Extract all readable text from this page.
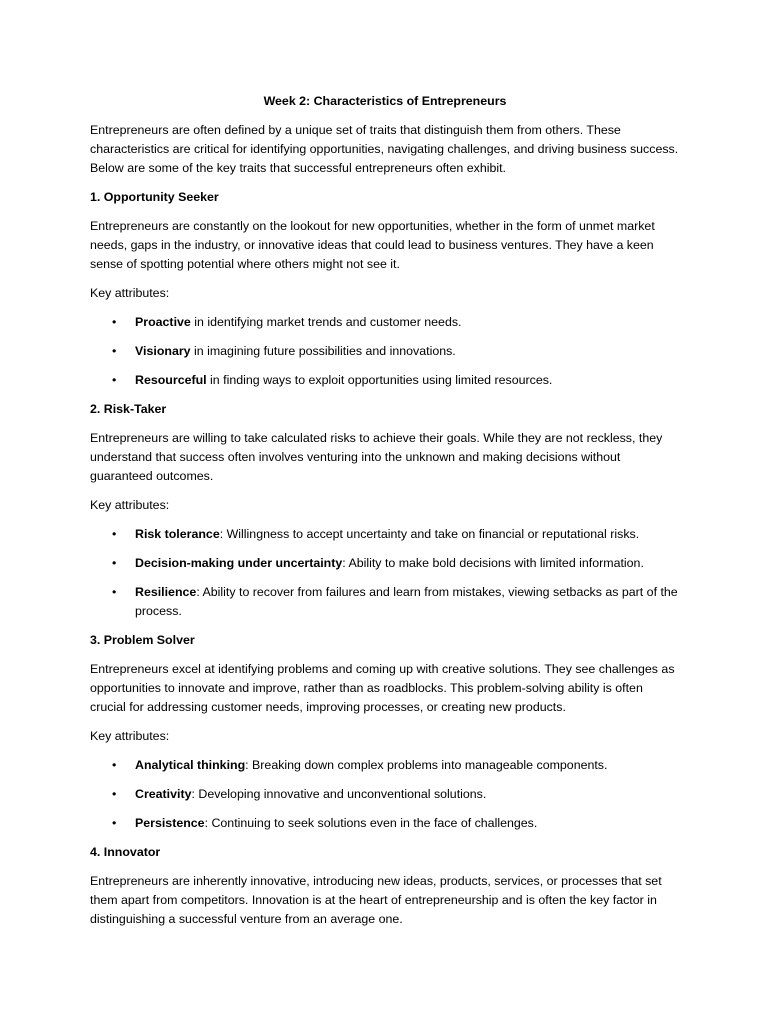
Week 2: Characteristics of Entrepreneurs

Entrepreneurs are often defined by a unique set of traits that distinguish them from others. These characteristics are critical for identifying opportunities, navigating challenges, and driving business success. Below are some of the key traits that successful entrepreneurs often exhibit.

1. Opportunity Seeker

Entrepreneurs are constantly on the lookout for new opportunities, whether in the form of unmet market needs, gaps in the industry, or innovative ideas that could lead to business ventures. They have a keen sense of spotting potential where others might not see it.

Key attributes:
• Proactive in identifying market trends and customer needs.
• Visionary in imagining future possibilities and innovations.
• Resourceful in finding ways to exploit opportunities using limited resources.
2. Risk-Taker

Entrepreneurs are willing to take calculated risks to achieve their goals. While they are not reckless, they understand that success often involves venturing into the unknown and making decisions without guaranteed outcomes.

Key attributes:
• Risk tolerance: Willingness to accept uncertainty and take on financial or reputational risks.
• Decision-making under uncertainty: Ability to make bold decisions with limited information.
• Resilience: Ability to recover from failures and learn from mistakes, viewing setbacks as part of the process.
3. Problem Solver

Entrepreneurs excel at identifying problems and coming up with creative solutions. They see challenges as opportunities to innovate and improve, rather than as roadblocks. This problem-solving ability is often crucial for addressing customer needs, improving processes, or creating new products.

Key attributes:
• Analytical thinking: Breaking down complex problems into manageable components.
• Creativity: Developing innovative and unconventional solutions.
• Persistence: Continuing to seek solutions even in the face of challenges.
4. Innovator

Entrepreneurs are inherently innovative, introducing new ideas, products, services, or processes that set them apart from competitors. Innovation is at the heart of entrepreneurship and is often the key factor in distinguishing a successful venture from an average one.
